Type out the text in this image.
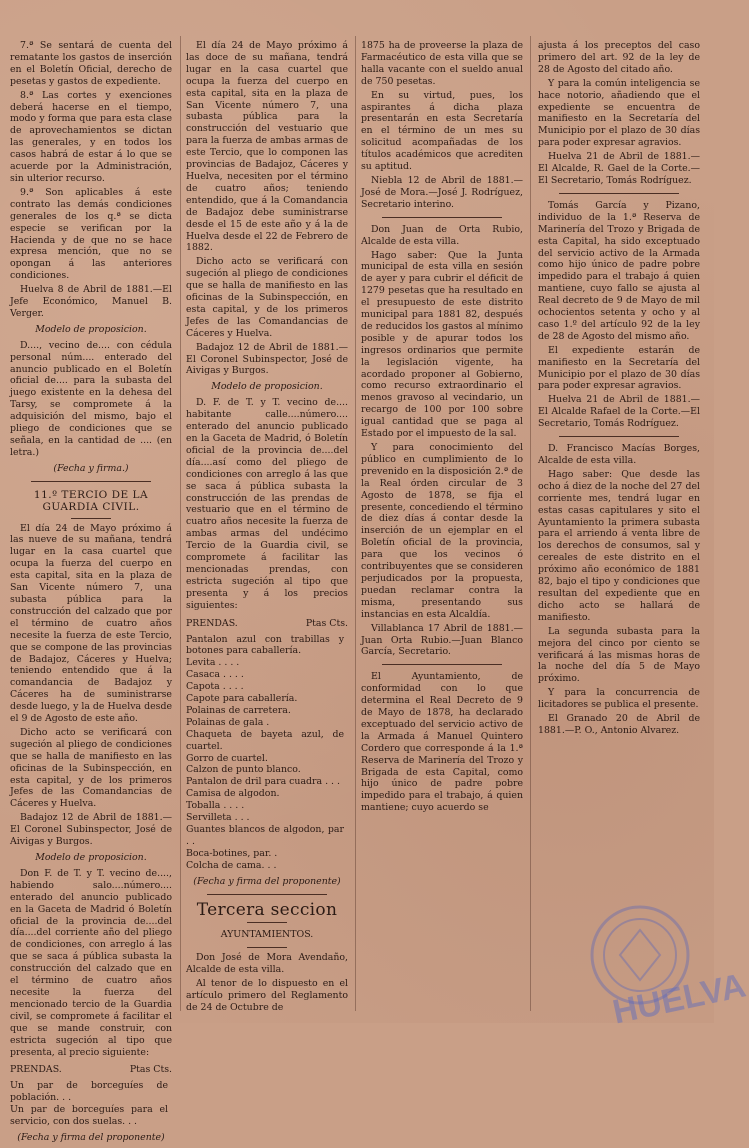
7.ª Se sentará de cuenta del rematante los gastos de inserción en el Boletín Oficial, derecho de pesetas y gastos de expediente.

8.ª Las cortes y exenciones deberá hacerse en el tiempo, modo y forma que para esta clase de aprovechamientos se dictan las generales, y en todos los casos habrá de estar á lo que se acuerde por la Administración, sin ulterior recurso.

9.ª Son aplicables á este contrato las demás condiciones generales de los q.ª se dicta especie se verifican por la Hacienda y de que no se hace expresa mención, que no se opongan á las anteriores condiciones.

Huelva 8 de Abril de 1881.—El Jefe Económico, Manuel B. Verger.

Modelo de proposicion.

D...., vecino de.... con cédula personal núm.... enterado del anuncio publicado en el Boletín oficial de.... para la subasta del juego existente en la dehesa del Tarsy, se compromete á la adquisición del mismo, bajo el pliego de condiciones que se señala, en la cantidad de .... (en letra.)

(Fecha y firma.)
11.º TERCIO DE LA GUARDIA CIVIL.

El día 24 de Mayo próximo á las nueve de su mañana, tendrá lugar en la casa cuartel que ocupa la fuerza del cuerpo en esta capital, sita en la plaza de San Vicente número 7, una subasta pública para la construcción del calzado que por el término de cuatro años necesite la fuerza de este Tercio, que se compone de las provincias de Badajoz, Cáceres y Huelva; teniendo entendido que á la comandancia de Badajoz y Cáceres ha de suministrarse desde luego, y la de Huelva desde el 9 de Agosto de este año.

Dicho acto se verificará con sugeción al pliego de condiciones que se halla de manifiesto en las oficinas de la Subinspección, en esta capital, y de los primeros Jefes de las Comandancias de Cáceres y Huelva.

Badajoz 12 de Abril de 1881.—El Coronel Subinspector, José de Aivigas y Burgos.

Modelo de proposicion.

Don F. de T. y T. vecino de...., habiendo salo....número.... enterado del anuncio publicado en la Gaceta de Madrid ó Boletín oficial de la provincia de....del día....del corriente año del pliego de condiciones, con arreglo á las que se saca á pública subasta la construcción del calzado que en el término de cuatro años necesite la fuerza del mencionado tercio de la Guardia civil, se compromete á facilitar el que se mande construir, con estricta sugeción al tipo que presenta, al precio siguiente:

PRENDAS.	Ptas Cts.
Un par de borceguíes de población. . .
Un par de borceguíes para el servicio, con dos suelas. . .
(Fecha y firma del proponente)

El día 24 de Mayo próximo á las doce de su mañana, tendrá lugar en la casa cuartel que ocupa la fuerza del cuerpo en esta capital, sita en la plaza de San Vicente número 7, una subasta pública para la construcción del vestuario que para la fuerza de ambas armas de este Tercio, que lo componen las provincias de Badajoz, Cáceres y Huelva, necesiten por el término de cuatro años; teniendo entendido, que á la Comandancia de Badajoz debe suministrarse desde el 15 de este año y á la de Huelva desde el 22 de Febrero de 1882.

Dicho acto se verificará con sugeción al pliego de condiciones que se halla de manifiesto en las oficinas de la Subinspección, en esta capital, y de los primeros Jefes de las Comandancias de Cáceres y Huelva.

Badajoz 12 de Abril de 1881.—El Coronel Subinspector, José de Aivigas y Burgos.

Modelo de proposicion.

D. F. de T. y T. vecino de.... habitante calle....número.... enterado del anuncio publicado en la Gaceta de Madrid, ó Boletín oficial de la provincia de....del día....así como del pliego de condiciones con arreglo á las que se saca á pública subasta la construcción de las prendas de vestuario que en el término de cuatro años necesite la fuerza de ambas armas del undécimo Tercio de la Guardia civil, se compromete á facilitar las mencionadas prendas, con estricta sugeción al tipo que presenta y á los precios siguientes:

PRENDAS.	Ptas Cts.
Pantalon azul con trabillas y botones para caballería.
Levita . . . .
Casaca . . . .
Capota . . . .
Capote para caballería.
Polainas de carretera.
Polainas de gala .
Chaqueta de bayeta azul, de cuartel.
Gorro de cuartel.
Calzon de punto blanco.
Pantalon de dril para cuadra . . .
Camisa de algodon.
Toballa . . . .
Servilleta . . .
Guantes blancos de algodon, par . .
Boca-botines, par. .
Colcha de cama. . .
(Fecha y firma del proponente)
Tercera seccion
AYUNTAMIENTOS.

Don José de Mora Avendaño, Alcalde de esta villa.

Al tenor de lo dispuesto en el artículo primero del Reglamento de 24 de Octubre de

1875 ha de proveerse la plaza de Farmacéutico de esta villa que se halla vacante con el sueldo anual de 750 pesetas.

En su virtud, pues, los aspirantes á dicha plaza presentarán en esta Secretaría en el término de un mes su solicitud acompañadas de los títulos académicos que acrediten su aptitud.

Niebla 12 de Abril de 1881.—José de Mora.—José J. Rodríguez, Secretario interino.

Don Juan de Orta Rubio, Alcalde de esta villa.

Hago saber: Que la Junta municipal de esta villa en sesión de ayer y para cubrir el déficit de 1279 pesetas que ha resultado en el presupuesto de este distrito municipal para 1881 82, después de reducidos los gastos al mínimo posible y de apurar todos los ingresos ordinarios que permite la legislación vigente, ha acordado proponer al Gobierno, como recurso extraordinario el menos gravoso al vecindario, un recargo de 100 por 100 sobre igual cantidad que se paga al Estado por el impuesto de la sal.

Y para conocimiento del público en cumplimiento de lo prevenido en la disposición 2.ª de la Real órden circular de 3 Agosto de 1878, se fija el presente, concediendo el término de diez días á contar desde la inserción de un ejemplar en el Boletín oficial de la provincia, para que los vecinos ó contribuyentes que se consideren perjudicados por la propuesta, puedan reclamar contra la misma, presentando sus instancias en esta Alcaldía.

Villablanca 17 Abril de 1881.—Juan Orta Rubio.—Juan Blanco García, Secretario.

El Ayuntamiento, de conformidad con lo que determina el Real Decreto de 9 de Mayo de 1878, ha declarado exceptuado del servicio activo de la Armada á Manuel Quintero Cordero que corresponde á la 1.ª Reserva de Marinería del Trozo y Brigada de esta Capital, como hijo único de padre pobre impedido para el trabajo, á quien mantiene; cuyo acuerdo se

ajusta á los preceptos del caso primero del art. 92 de la ley de 28 de Agosto del citado año.

Y para la común inteligencia se hace notorio, añadiendo que el expediente se encuentra de manifiesto en la Secretaría del Municipio por el plazo de 30 días para poder expresar agravios.

Huelva 21 de Abril de 1881.—El Alcalde, R. Gael de la Corte.—El Secretario, Tomás Rodríguez.

Tomás García y Pizano, individuo de la 1.ª Reserva de Marinería del Trozo y Brigada de esta Capital, ha sido exceptuado del servicio activo de la Armada como hijo único de padre pobre impedido para el trabajo á quien mantiene, cuyo fallo se ajusta al Real decreto de 9 de Mayo de mil ochocientos setenta y ocho y al caso 1.º del artículo 92 de la ley de 28 de Agosto del mismo año.

El expediente estarán de manifiesto en la Secretaría del Municipio por el plazo de 30 días para poder expresar agravios.

Huelva 21 de Abril de 1881.—El Alcalde Rafael de la Corte.—El Secretario, Tomás Rodríguez.

D. Francisco Macías Borges, Alcalde de esta villa.

Hago saber: Que desde las ocho á diez de la noche del 27 del corriente mes, tendrá lugar en estas casas capitulares y sito el Ayuntamiento la primera subasta para el arriendo á venta libre de los derechos de consumos, sal y cereales de este distrito en el próximo año económico de 1881 82, bajo el tipo y condiciones que resultan del expediente que en dicho acto se hallará de manifiesto.

La segunda subasta para la mejora del cinco por ciento se verificará á las mismas horas de la noche del día 5 de Mayo próximo.

Y para la concurrencia de licitadores se publica el presente.

El Granado 20 de Abril de 1881.—P. O., Antonio Alvarez.

HUELVA
